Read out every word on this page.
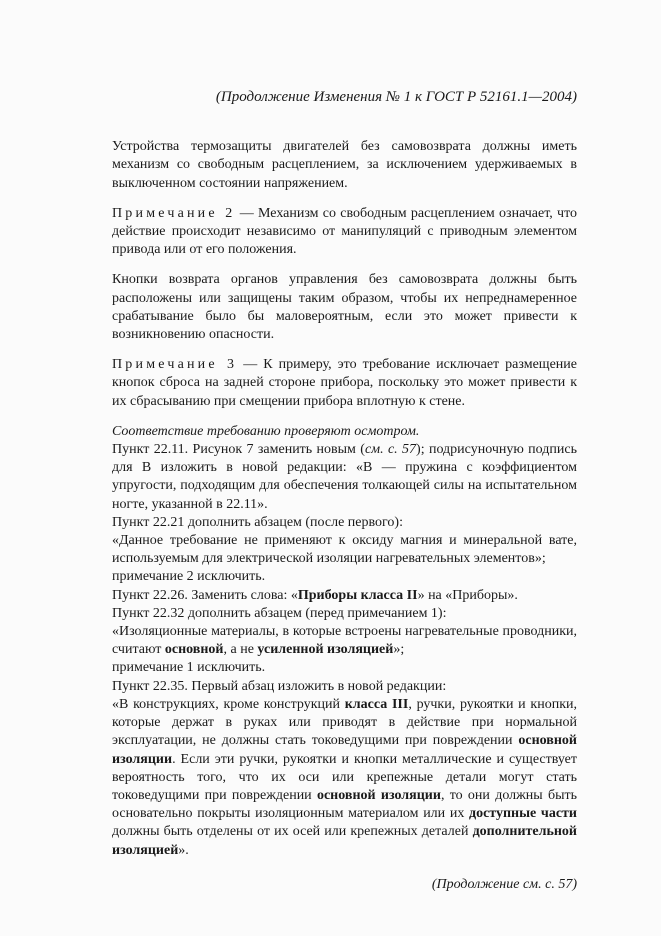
(Продолжение Изменения № 1 к ГОСТ Р 52161.1—2004)

Устройства термозащиты двигателей без самовозврата должны иметь механизм со свободным расцеплением, за исключением удерживаемых в выключенном состоянии напряжением.

Примечание 2 — Механизм со свободным расцеплением означает, что действие происходит независимо от манипуляций с приводным элементом привода или от его положения.

Кнопки возврата органов управления без самовозврата должны быть расположены или защищены таким образом, чтобы их непреднамеренное срабатывание было бы маловероятным, если это может привести к возникновению опасности.

Примечание 3 — К примеру, это требование исключает размещение кнопок сброса на задней стороне прибора, поскольку это может привести к их сбрасыванию при смещении прибора вплотную к стене.

Соответствие требованию проверяют осмотром.

Пункт 22.11. Рисунок 7 заменить новым (см. с. 57); подрисуночную подпись для В изложить в новой редакции: «В — пружина с коэффициентом упругости, подходящим для обеспечения толкающей силы на испытательном ногте, указанной в 22.11».

Пункт 22.21 дополнить абзацем (после первого):

«Данное требование не применяют к оксиду магния и минеральной вате, используемым для электрической изоляции нагревательных элементов»;

примечание 2 исключить.

Пункт 22.26. Заменить слова: «Приборы класса II» на «Приборы».

Пункт 22.32 дополнить абзацем (перед примечанием 1):

«Изоляционные материалы, в которые встроены нагревательные проводники, считают основной, а не усиленной изоляцией»;

примечание 1 исключить.

Пункт 22.35. Первый абзац изложить в новой редакции:

«В конструкциях, кроме конструкций класса III, ручки, рукоятки и кнопки, которые держат в руках или приводят в действие при нормальной эксплуатации, не должны стать токоведущими при повреждении основной изоляции. Если эти ручки, рукоятки и кнопки металлические и существует вероятность того, что их оси или крепежные детали могут стать токоведущими при повреждении основной изоляции, то они должны быть основательно покрыты изоляционным материалом или их доступные части должны быть отделены от их осей или крепежных деталей дополнительной изоляцией».

(Продолжение см. с. 57)
